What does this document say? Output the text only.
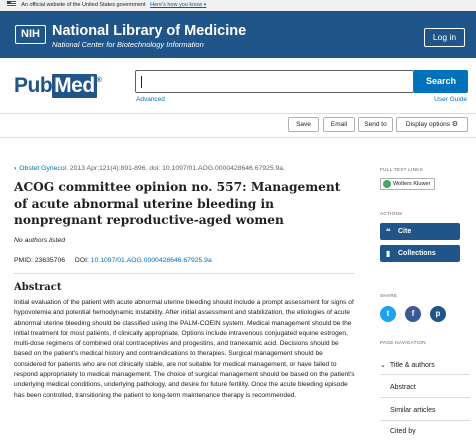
An official website of the United States government Here's how you know ▾
NIH National Library of Medicine
National Center for Biotechnology Information
Log in
PubMed ®	Search
Advanced	User Guide
Save	Email	Send to	Display options ⚙
› Obstet Gynecol. 2013 Apr;121(4):891-896. doi: 10.1097/01.AOG.0000428646.67925.9a.
ACOG committee opinion no. 557: Management of acute abnormal uterine bleeding in nonpregnant reproductive-aged women
No authors listed
PMID: 23635706 DOI: 10.1097/01.AOG.0000428646.67925.9a
Abstract

Initial evaluation of the patient with acute abnormal uterine bleeding should include a prompt assessment for signs of hypovolemia and potential hemodynamic instability. After initial assessment and stabilization, the etiologies of acute abnormal uterine bleeding should be classified using the PALM-COEIN system. Medical management should be the initial treatment for most patients, if clinically appropriate. Options include intravenous conjugated equine estrogen, multi-dose regimens of combined oral contraceptives and progestins, and tranexamic acid. Decisions should be based on the patient's medical history and contraindications to therapies. Surgical management should be considered for patients who are not clinically stable, are not suitable for medical management, or have failed to respond appropriately to medical management. The choice of surgical management should be based on the patient's underlying medical conditions, underlying pathology, and desire for future fertility. Once the acute bleeding episode has been controlled, transitioning the patient to long-term maintenance therapy is recommended.

FULL TEXT LINKS
Wolters Kluwer
ACTIONS
❝ Cite
▮ Collections
SHARE
t	f	p
PAGE NAVIGATION
⌄ Title & authors
Abstract
Similar articles
Cited by
